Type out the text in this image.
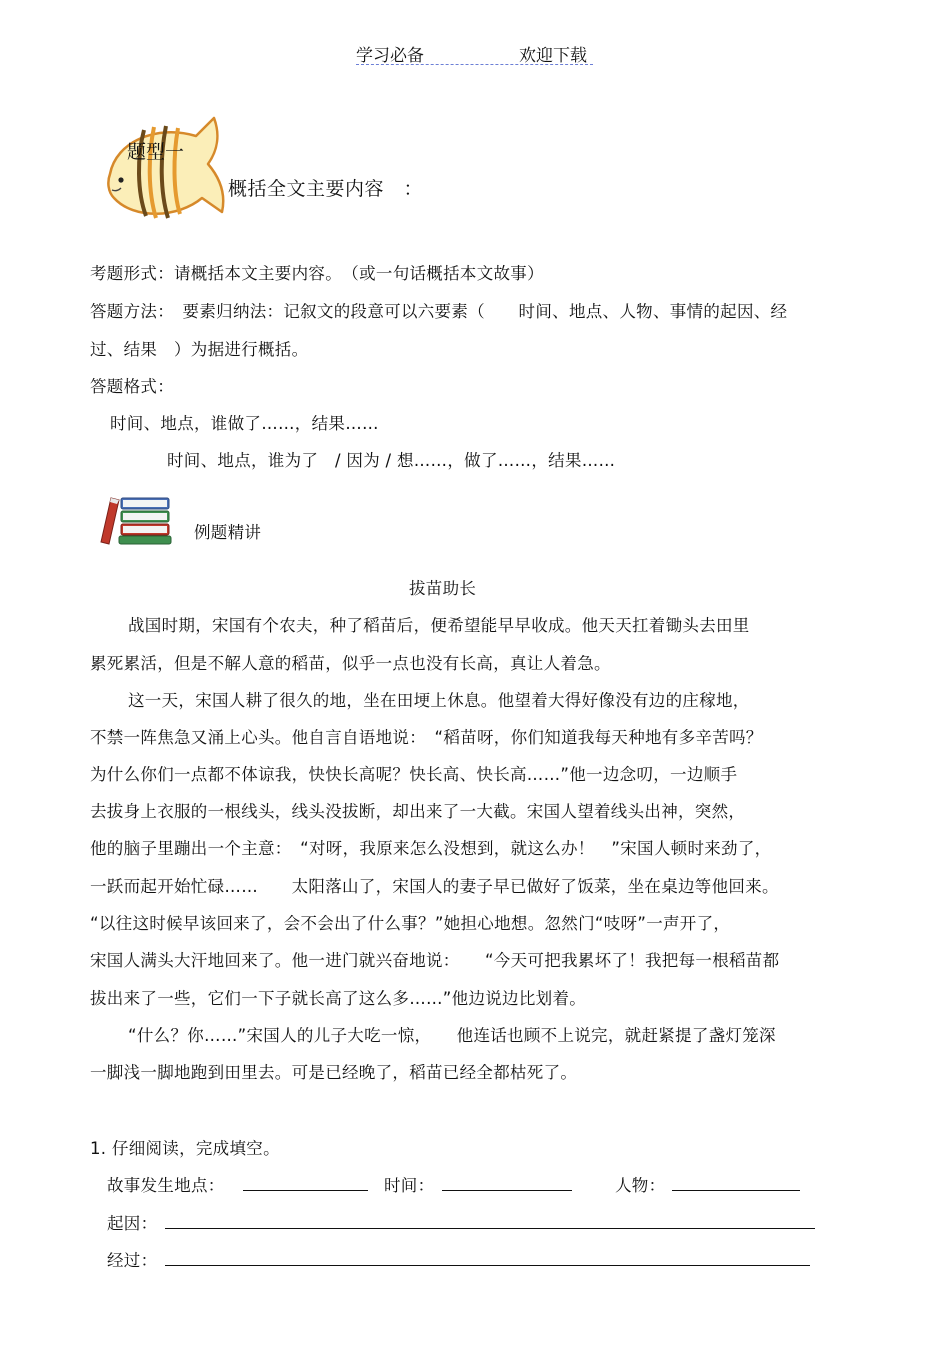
学习必备	欢迎下载
题型一
概括全文主要内容　：
考题形式：请概括本文主要内容。　（或一句话概括本文故事）
答题方法：　要素归纳法：记叙文的段意可以六要素（　　时间、地点、人物、事情的起因、经
过、结果　）为据进行概括。
答题格式：
时间、地点，谁做了……，结果……
时间、地点，谁为了　/ 因为 / 想……，做了……，结果……
例题精讲
拔苗助长
战国时期，宋国有个农夫，种了稻苗后，便希望能早早收成。他天天扛着锄头去田里
累死累活，但是不解人意的稻苗，似乎一点也没有长高，真让人着急。
这一天，宋国人耕了很久的地，坐在田埂上休息。他望着大得好像没有边的庄稼地，
不禁一阵焦急又涌上心头。他自言自语地说：　“稻苗呀，你们知道我每天种地有多辛苦吗？
为什么你们一点都不体谅我，快快长高呢？快长高、快长高……”他一边念叨，一边顺手
去拔身上衣服的一根线头，线头没拔断，却出来了一大截。宋国人望着线头出神，突然，
他的脑子里蹦出一个主意：　“对呀，我原来怎么没想到，就这么办！　”宋国人顿时来劲了，
一跃而起开始忙碌……　　太阳落山了，宋国人的妻子早已做好了饭菜，坐在桌边等他回来。
“以往这时候早该回来了，会不会出了什么事？”她担心地想。忽然门“吱呀”一声开了，
宋国人满头大汗地回来了。他一进门就兴奋地说：　　“今天可把我累坏了！我把每一根稻苗都
拔出来了一些，它们一下子就长高了这么多……”他边说边比划着。
“什么？你……”宋国人的儿子大吃一惊，　　他连话也顾不上说完，就赶紧提了盏灯笼深
一脚浅一脚地跑到田里去。可是已经晚了，稻苗已经全都枯死了。
1. 仔细阅读，完成填空。
故事发生地点：	时间：	人物：
起因：
经过：
